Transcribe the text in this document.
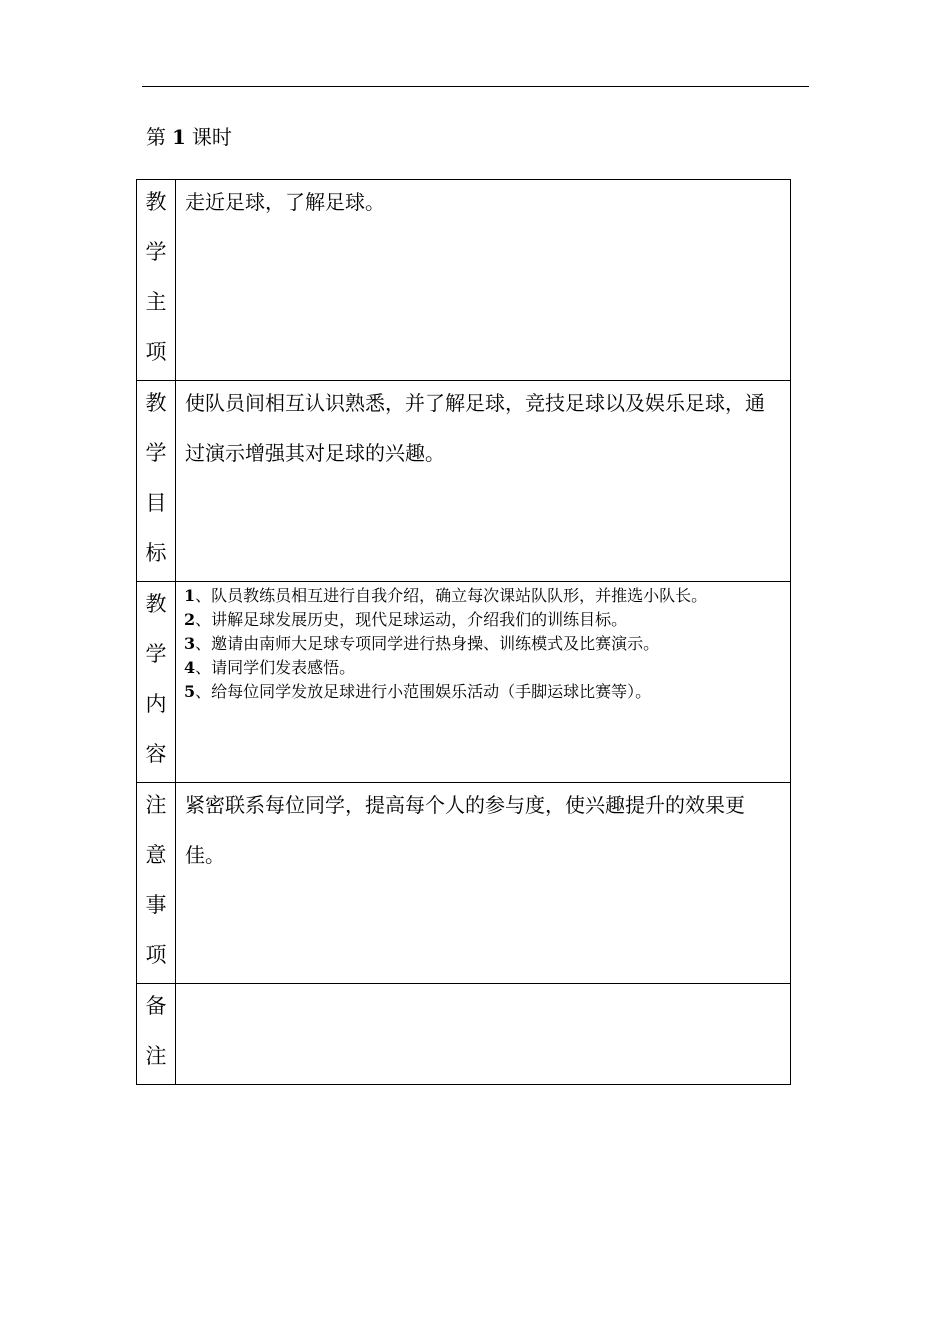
第 1 课时
教
学
主
项	走近足球，了解足球。

教
学
目
标	使队员间相互认识熟悉，并了解足球，竞技足球以及娱乐足球，通过演示增强其对足球的兴趣。

教
学
内
容	1、队员教练员相互进行自我介绍，确立每次课站队队形，并推选小队长。
2、讲解足球发展历史，现代足球运动，介绍我们的训练目标。
3、邀请由南师大足球专项同学进行热身操、训练模式及比赛演示。
4、请同学们发表感悟。
5、给每位同学发放足球进行小范围娱乐活动（手脚运球比赛等）。

注
意
事
项	紧密联系每位同学，提高每个人的参与度，使兴趣提升的效果更佳。

备
注	
